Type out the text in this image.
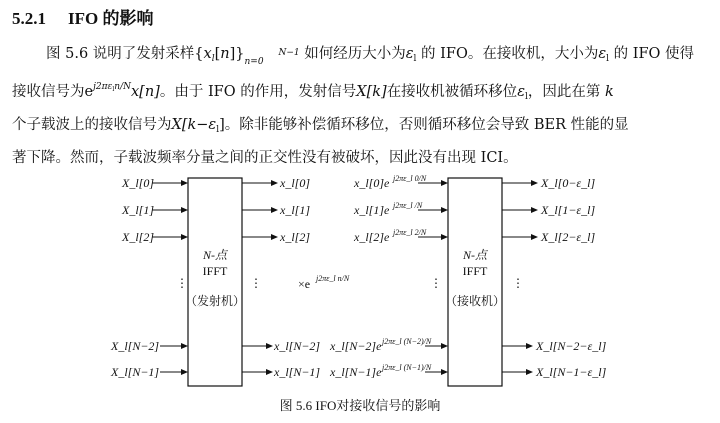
5.2.1 IFO 的影响
图 5.6 说明了发射采样$\{x_l[n]\}$	N−1
n=0	如何经历大小为$\varepsilon_l$ 的 IFO。在接收机，大小为$\varepsilon_l$ 的 IFO 使得
接收信号为$e^{j2\pi\varepsilon ln/N}x[n]$。由于 IFO 的作用，发射信号X[k]在接收机被循环移位$\varepsilon_l$，因此在第 k
个子载波上的接收信号为$X[k-\varepsilon_l]$。除非能够补偿循环移位，否则循环移位会导致 BER 性能的显
著下降。然而，子载波频率分量之间的正交性没有被破坏，因此没有出现 ICI。
N-点
IFFT
（发射机）
N-点
IFFT
（接收机）
X_l[0]
X_l[1]
X_l[2]
X_l[N−2]
X_l[N−1]
x_l[0]
x_l[1]
x_l[2]
x_l[N−2]
x_l[N−1]
x_l[0]e j2πε_l 0/N
x_l[1]e j2πε_l /N
x_l[2]e j2πε_l 2/N
x_l[N−2]e j2πε_l (N−2)/N
x_l[N−1]e j2πε_l (N−1)/N
X_l[0−ε_l]
X_l[1−ε_l]
X_l[2−ε_l]
X_l[N−2−ε_l]
X_l[N−1−ε_l]
×e j2πε_l n/N
⋮	⋮	⋮	⋮
图 5.6 IFO对接收信号的影响
